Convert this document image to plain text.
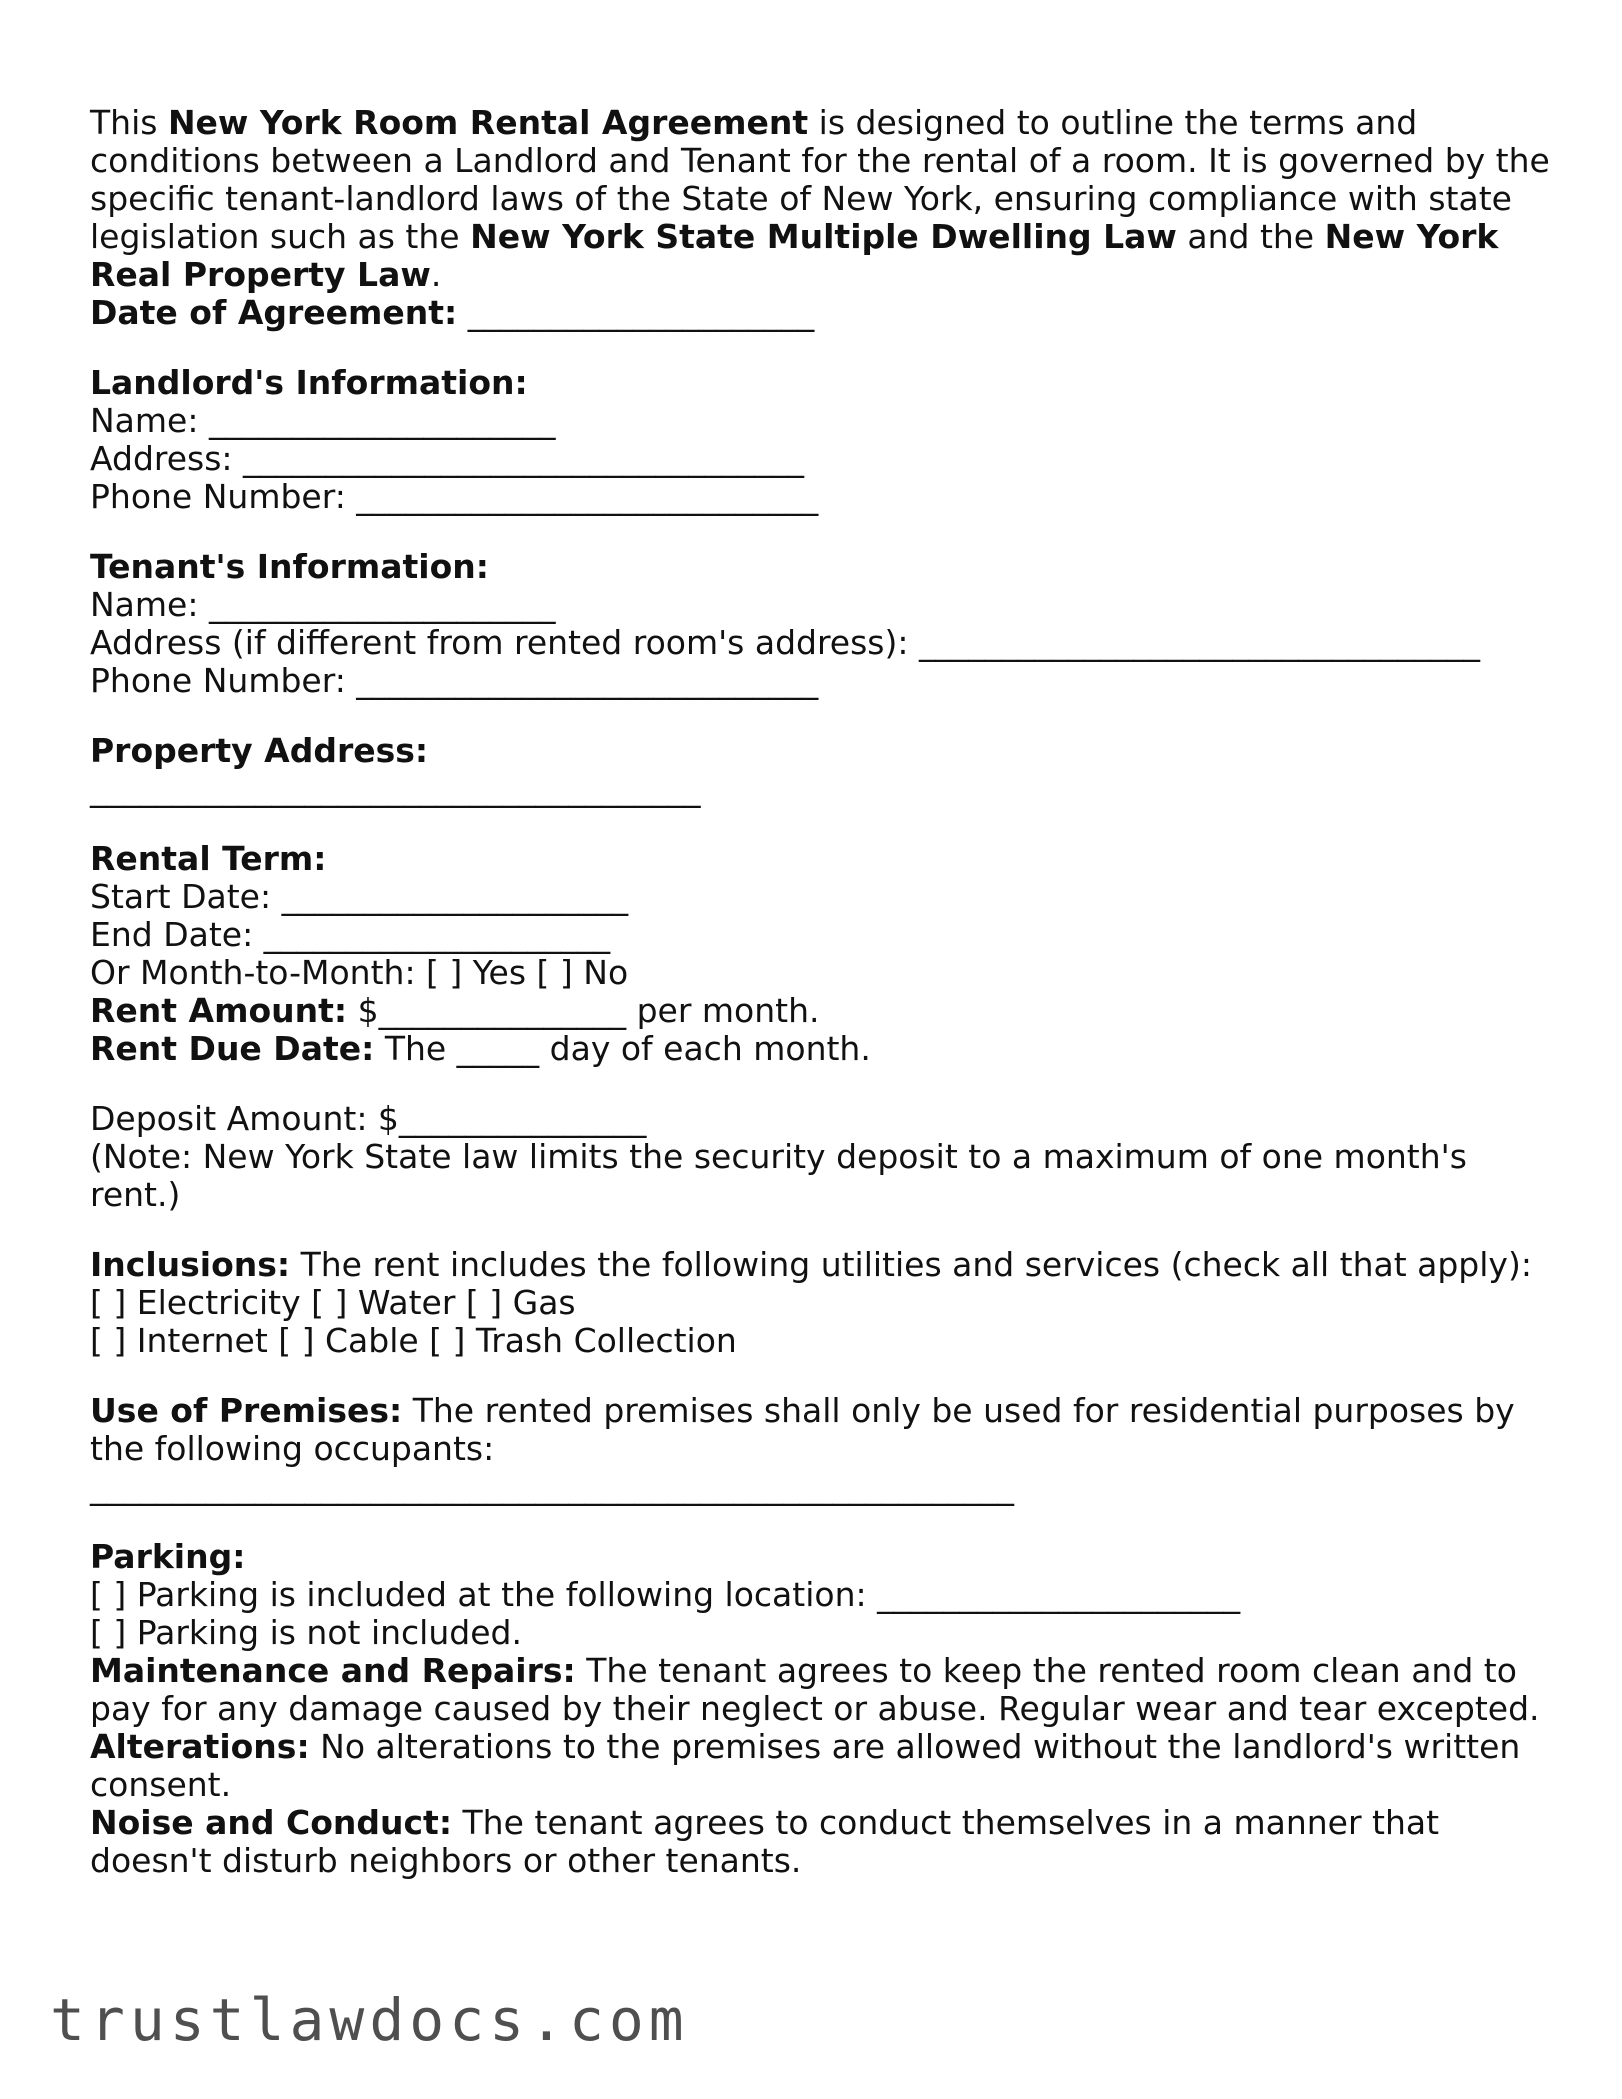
This New York Room Rental Agreement is designed to outline the terms and conditions between a Landlord and Tenant for the rental of a room. It is governed by the specific tenant-landlord laws of the State of New York, ensuring compliance with state legislation such as the New York State Multiple Dwelling Law and the New York Real Property Law.

Date of Agreement: _____________________

Landlord's Information:

Name: _____________________

Address: __________________________________

Phone Number: ____________________________

Tenant's Information:

Name: _____________________

Address (if different from rented room's address): __________________________________

Phone Number: ____________________________

Property Address:

_____________________________________

Rental Term:

Start Date: _____________________

End Date: _____________________

Or Month-to-Month: [ ] Yes [ ] No

Rent Amount: $_______________ per month.

Rent Due Date: The _____ day of each month.

Deposit Amount: $_______________

(Note: New York State law limits the security deposit to a maximum of one month's rent.)

Inclusions: The rent includes the following utilities and services (check all that apply):

[ ] Electricity [ ] Water [ ] Gas

[ ] Internet [ ] Cable [ ] Trash Collection

Use of Premises: The rented premises shall only be used for residential purposes by the following occupants:

________________________________________________________

Parking:

[ ] Parking is included at the following location: ______________________

[ ] Parking is not included.

Maintenance and Repairs: The tenant agrees to keep the rented room clean and to pay for any damage caused by their neglect or abuse. Regular wear and tear excepted.

Alterations: No alterations to the premises are allowed without the landlord's written consent.

Noise and Conduct: The tenant agrees to conduct themselves in a manner that doesn't disturb neighbors or other tenants.

trustlawdocs.com
